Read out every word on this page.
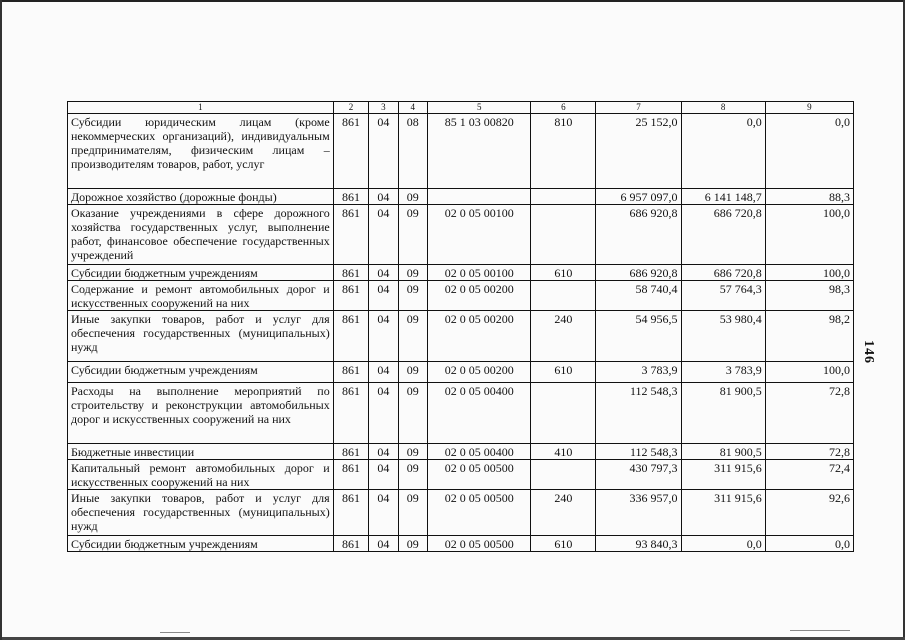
1	2	3	4	5	6	7	8	9
Субсидии юридическим лицам (кроме некоммерческих организаций), индивидуальным предпринимателям, физическим лицам – производителям товаров, работ, услуг	861	04	08	85 1 03 00820	810	25 152,0	0,0	0,0
Дорожное хозяйство (дорожные фонды)	861	04	09			6 957 097,0	6 141 148,7	88,3
Оказание учреждениями в сфере дорожного хозяйства государственных услуг, выполнение работ, финансовое обеспечение государственных учреждений	861	04	09	02 0 05 00100		686 920,8	686 720,8	100,0
Субсидии бюджетным учреждениям	861	04	09	02 0 05 00100	610	686 920,8	686 720,8	100,0
Содержание и ремонт автомобильных дорог и искусственных сооружений на них	861	04	09	02 0 05 00200		58 740,4	57 764,3	98,3
Иные закупки товаров, работ и услуг для обеспечения государственных (муниципальных) нужд	861	04	09	02 0 05 00200	240	54 956,5	53 980,4	98,2
Субсидии бюджетным учреждениям	861	04	09	02 0 05 00200	610	3 783,9	3 783,9	100,0
Расходы на выполнение мероприятий по строительству и реконструкции автомобильных дорог и искусственных сооружений на них	861	04	09	02 0 05 00400		112 548,3	81 900,5	72,8
Бюджетные инвестиции	861	04	09	02 0 05 00400	410	112 548,3	81 900,5	72,8
Капитальный ремонт автомобильных дорог и искусственных сооружений на них	861	04	09	02 0 05 00500		430 797,3	311 915,6	72,4
Иные закупки товаров, работ и услуг для обеспечения государственных (муниципальных) нужд	861	04	09	02 0 05 00500	240	336 957,0	311 915,6	92,6
Субсидии бюджетным учреждениям	861	04	09	02 0 05 00500	610	93 840,3	0,0	0,0
146
